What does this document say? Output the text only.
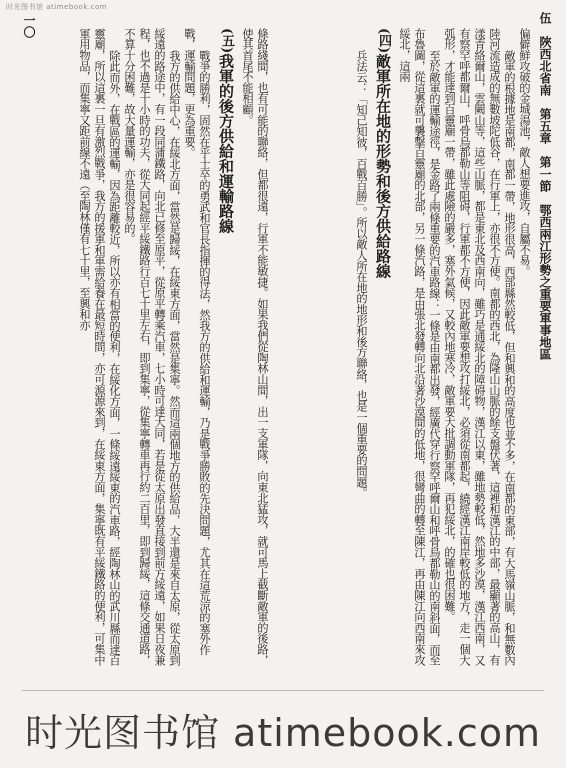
时光图书馆 atimebook.com
伍　陜西北省南　第五章　第一節　鄂西兩江形勢之重要軍事地區
一〇

偏僻鮮攻破的金城湯池，敵人想要進攻，自屬不易。

敵軍的根據地是南都，南都一帶，地形很高，西部縣然較低，但和興和的高度也並不多，在南都的東部，有大馬嶺山脈，和無數內陸河流造成的無數坡陀低谷，在行軍上，亦很不方便。南都的西北，為隆山山脈的餘支盤伏著，這裡和漢江的中部，最顯著的高山，有漾青絡爾山，雲闕山等，這些山脈，都是東北及西南向，雖巧是通綏北的障碍物，漢江以東，雖地勢較低，然地多沙漠，漢江西南，又有察罕呼都爾山，呼骨烏都勒山等阻碍，行軍都不方便，因此敵軍要想攻打綏北，必須從南都起，繞經漢江南岸較低的地方，走一個大弧形，才能達到百靈廟一帶，雖此處險的嚴多，塞外氣候，又較內地寒冷，敵軍要大批調動軍隊，再犯綏北，的確也很困難。

至於敵軍的運輸途徑，是金路了兩條重要的汽車路線：一條是由南都出發，經廣代穿行察罕呼爾山和呼骨烏都勒山的南斜面，而至布魯圖，從這裏就可襲擊百靈廟的北部，另一條汽路，是由張北發轉向北沿著沙漠間的低地，很彎曲的轉至陳江，再由陳江向西南來攻綏北，這兩

(四)敵軍所在地的形勢和後方供給路線

兵法云：「知己知彼，百戰百勝」。所以敵人所在地的地形和後方聯絡，也是一個重要的問題。

條路綫間，也有可能的聯絡，但都很遠，行軍不能敏捷。如果我們從陶林山間，出一支軍隊，向東北猛攻，就可馬上截斷敵軍的後路，使其首尾不能相顧。

(五)我軍的後方供給和運輸路線

戰爭的勝利，固然在乎士卒的勇武和官長指揮的得法，然我方的供給和運輸，乃是戰爭勝敗的先決問題，尤其在這荒涼的塞外作戰，運輸問題，更為重要。

我方的供給中心，在綏北方面，當然是歸綏，在綏東方面，當然是集寧。然而這兩個地方的供給品，大半還是來自太原，從太原到綏遠的路途中，有一段同蒲鐵路，向北已修至原平，從原平轉乘汽車，七小時可達大同，若是從太原出發直接到前方綏遠，如果日夜兼程，也不過是十小時的功夫，從大同起經平綏鐵路行百七十里左右，即到集寧，從集寧轉車再行約二百里，即到歸綏，這條交通道路，不算十分困難，故大量運輸，亦是很容易的。

除此而外，在戰區的運輸，因為距離較近，所以亦有相當的便利，在綏化方面，一條綏遠綏東的汽車路，經陶林山的武川縣而達百靈廟，所以這裏一旦有激烈戰爭，我方的援軍和軍需給養在最短時間，亦可源源來到，在綏東方面，集寧既有平綏鐵路的便利，可集中軍用物品，而集寧又距前線不遠（至陶林僅有七十里，至興和亦

时光图书馆 atimebook.com
